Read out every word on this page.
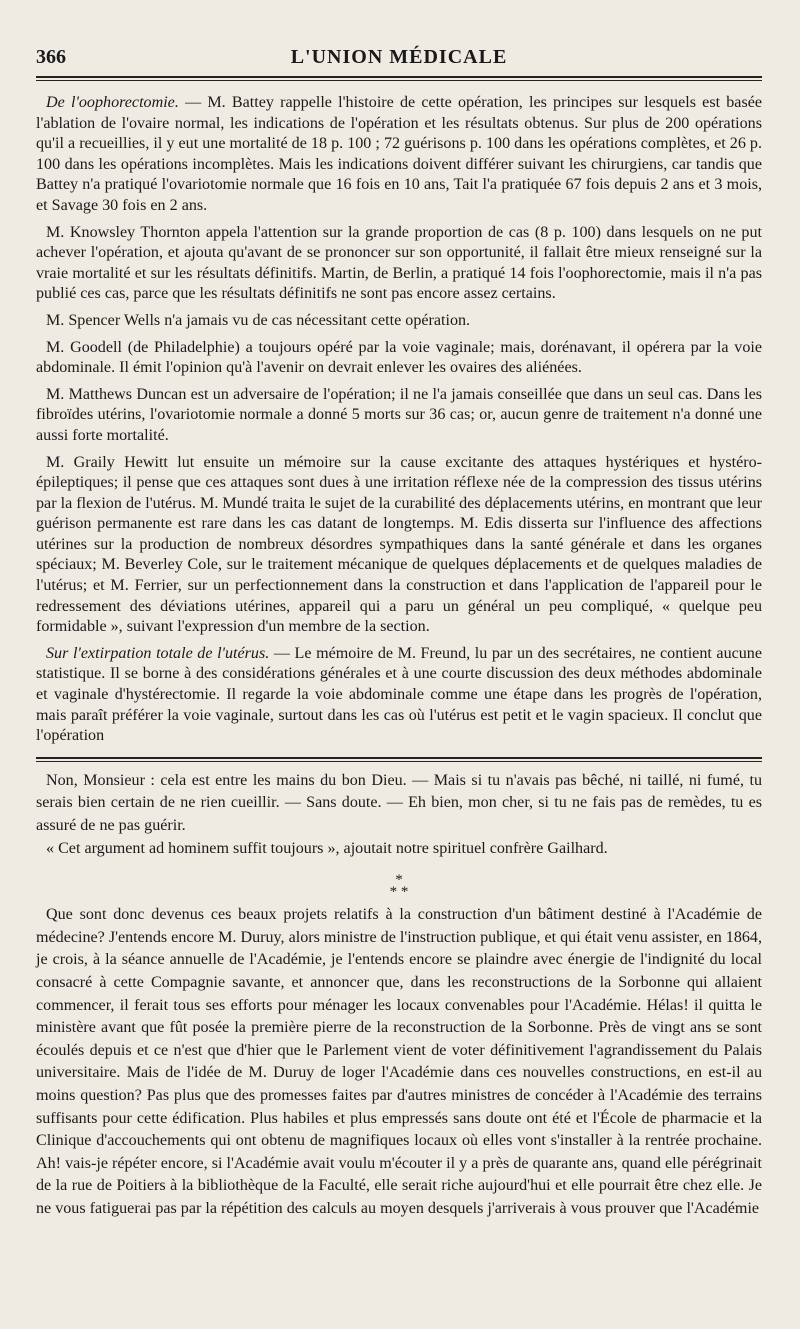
366	L'UNION MÉDICALE

De l'oophorectomie. — M. Battey rappelle l'histoire de cette opération, les principes sur lesquels est basée l'ablation de l'ovaire normal, les indications de l'opération et les résultats obtenus. Sur plus de 200 opérations qu'il a recueillies, il y eut une mortalité de 18 p. 100 ; 72 guérisons p. 100 dans les opérations complètes, et 26 p. 100 dans les opérations incomplètes. Mais les indications doivent différer suivant les chirurgiens, car tandis que Battey n'a pratiqué l'ovariotomie normale que 16 fois en 10 ans, Tait l'a pratiquée 67 fois depuis 2 ans et 3 mois, et Savage 30 fois en 2 ans.

M. Knowsley Thornton appela l'attention sur la grande proportion de cas (8 p. 100) dans lesquels on ne put achever l'opération, et ajouta qu'avant de se prononcer sur son opportunité, il fallait être mieux renseigné sur la vraie mortalité et sur les résultats définitifs. Martin, de Berlin, a pratiqué 14 fois l'oophorectomie, mais il n'a pas publié ces cas, parce que les résultats définitifs ne sont pas encore assez certains.

M. Spencer Wells n'a jamais vu de cas nécessitant cette opération.

M. Goodell (de Philadelphie) a toujours opéré par la voie vaginale; mais, dorénavant, il opérera par la voie abdominale. Il émit l'opinion qu'à l'avenir on devrait enlever les ovaires des aliénées.

M. Matthews Duncan est un adversaire de l'opération; il ne l'a jamais conseillée que dans un seul cas. Dans les fibroïdes utérins, l'ovariotomie normale a donné 5 morts sur 36 cas; or, aucun genre de traitement n'a donné une aussi forte mortalité.

M. Graily Hewitt lut ensuite un mémoire sur la cause excitante des attaques hystériques et hystéro-épileptiques; il pense que ces attaques sont dues à une irritation réflexe née de la compression des tissus utérins par la flexion de l'utérus. M. Mundé traita le sujet de la curabilité des déplacements utérins, en montrant que leur guérison permanente est rare dans les cas datant de longtemps. M. Edis disserta sur l'influence des affections utérines sur la production de nombreux désordres sympathiques dans la santé générale et dans les organes spéciaux; M. Beverley Cole, sur le traitement mécanique de quelques déplacements et de quelques maladies de l'utérus; et M. Ferrier, sur un perfectionnement dans la construction et dans l'application de l'appareil pour le redressement des déviations utérines, appareil qui a paru un général un peu compliqué, « quelque peu formidable », suivant l'expression d'un membre de la section.

Sur l'extirpation totale de l'utérus. — Le mémoire de M. Freund, lu par un des secrétaires, ne contient aucune statistique. Il se borne à des considérations générales et à une courte discussion des deux méthodes abdominale et vaginale d'hystérectomie. Il regarde la voie abdominale comme une étape dans les progrès de l'opération, mais paraît préférer la voie vaginale, surtout dans les cas où l'utérus est petit et le vagin spacieux. Il conclut que l'opération

Non, Monsieur : cela est entre les mains du bon Dieu. — Mais si tu n'avais pas bêché, ni taillé, ni fumé, tu serais bien certain de ne rien cueillir. — Sans doute. — Eh bien, mon cher, si tu ne fais pas de remèdes, tu es assuré de ne pas guérir.

« Cet argument ad hominem suffit toujours », ajoutait notre spirituel confrère Gailhard.

*
* *

Que sont donc devenus ces beaux projets relatifs à la construction d'un bâtiment destiné à l'Académie de médecine? J'entends encore M. Duruy, alors ministre de l'instruction publique, et qui était venu assister, en 1864, je crois, à la séance annuelle de l'Académie, je l'entends encore se plaindre avec énergie de l'indignité du local consacré à cette Compagnie savante, et annoncer que, dans les reconstructions de la Sorbonne qui allaient commencer, il ferait tous ses efforts pour ménager les locaux convenables pour l'Académie. Hélas! il quitta le ministère avant que fût posée la première pierre de la reconstruction de la Sorbonne. Près de vingt ans se sont écoulés depuis et ce n'est que d'hier que le Parlement vient de voter définitivement l'agrandissement du Palais universitaire. Mais de l'idée de M. Duruy de loger l'Académie dans ces nouvelles constructions, en est-il au moins question? Pas plus que des promesses faites par d'autres ministres de concéder à l'Académie des terrains suffisants pour cette édification. Plus habiles et plus empressés sans doute ont été et l'École de pharmacie et la Clinique d'accouchements qui ont obtenu de magnifiques locaux où elles vont s'installer à la rentrée prochaine. Ah! vais-je répéter encore, si l'Académie avait voulu m'écouter il y a près de quarante ans, quand elle pérégrinait de la rue de Poitiers à la bibliothèque de la Faculté, elle serait riche aujourd'hui et elle pourrait être chez elle. Je ne vous fatiguerai pas par la répétition des calculs au moyen desquels j'arriverais à vous prouver que l'Académie
